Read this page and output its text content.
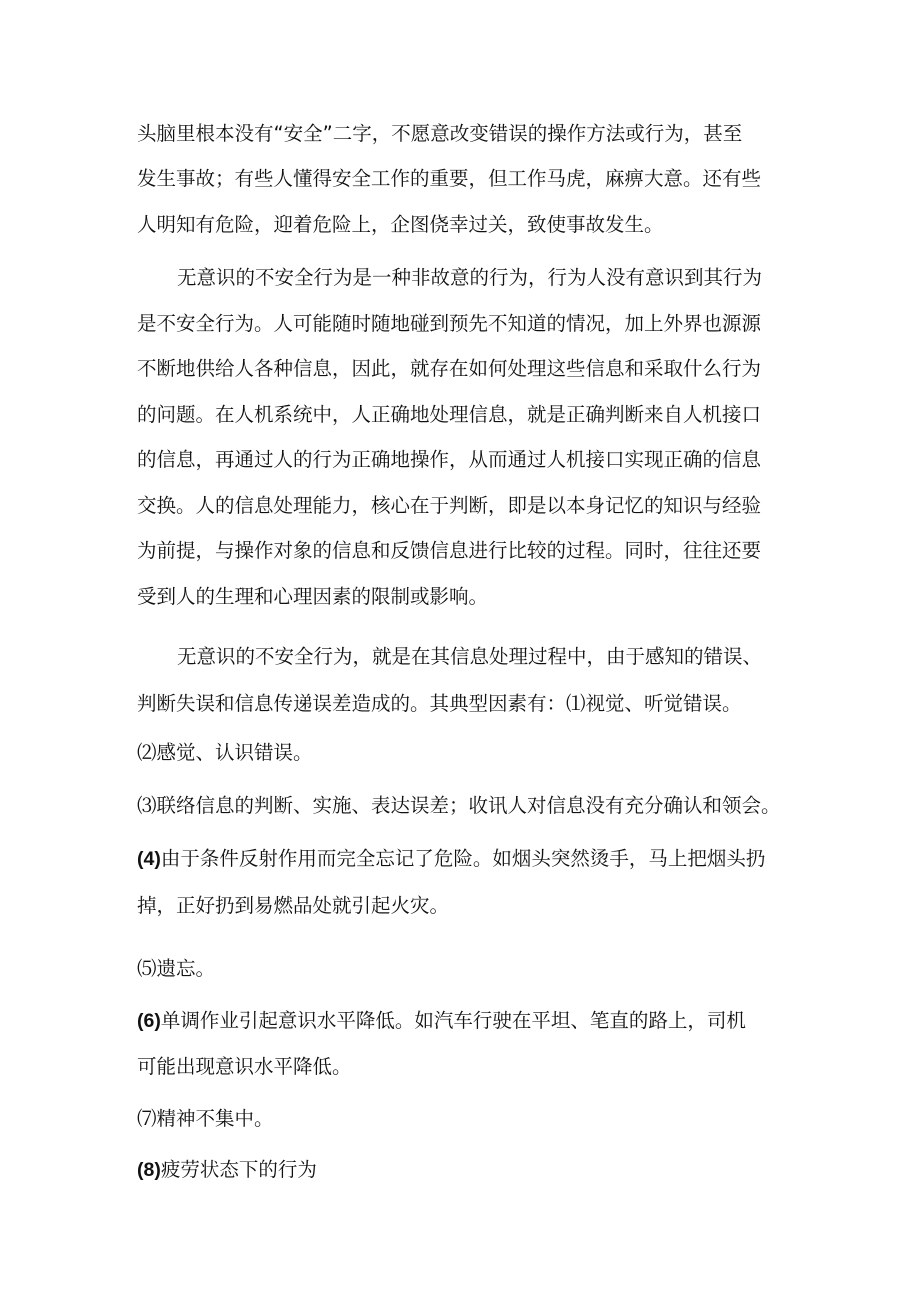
头脑里根本没有“安全”二字，不愿意改变错误的操作方法或行为，甚至
发生事故；有些人懂得安全工作的重要，但工作马虎，麻痹大意。还有些
人明知有危险，迎着危险上，企图侥幸过关，致使事故发生。
无意识的不安全行为是一种非故意的行为，行为人没有意识到其行为
是不安全行为。人可能随时随地碰到预先不知道的情况，加上外界也源源
不断地供给人各种信息，因此，就存在如何处理这些信息和采取什么行为
的问题。在人机系统中，人正确地处理信息，就是正确判断来自人机接口
的信息，再通过人的行为正确地操作，从而通过人机接口实现正确的信息
交换。人的信息处理能力，核心在于判断，即是以本身记忆的知识与经验
为前提，与操作对象的信息和反馈信息进行比较的过程。同时，往往还要
受到人的生理和心理因素的限制或影响。
无意识的不安全行为，就是在其信息处理过程中，由于感知的错误、
判断失误和信息传递误差造成的。其典型因素有：⑴视觉、听觉错误。
⑵感觉、认识错误。
⑶联络信息的判断、实施、表达误差；收讯人对信息没有充分确认和领会。
(4)由于条件反射作用而完全忘记了危险。如烟头突然烫手，马上把烟头扔
掉，正好扔到易燃品处就引起火灾。
⑸遗忘。
(6)单调作业引起意识水平降低。如汽车行驶在平坦、笔直的路上，司机
可能出现意识水平降低。
⑺精神不集中。
(8)疲劳状态下的行为
